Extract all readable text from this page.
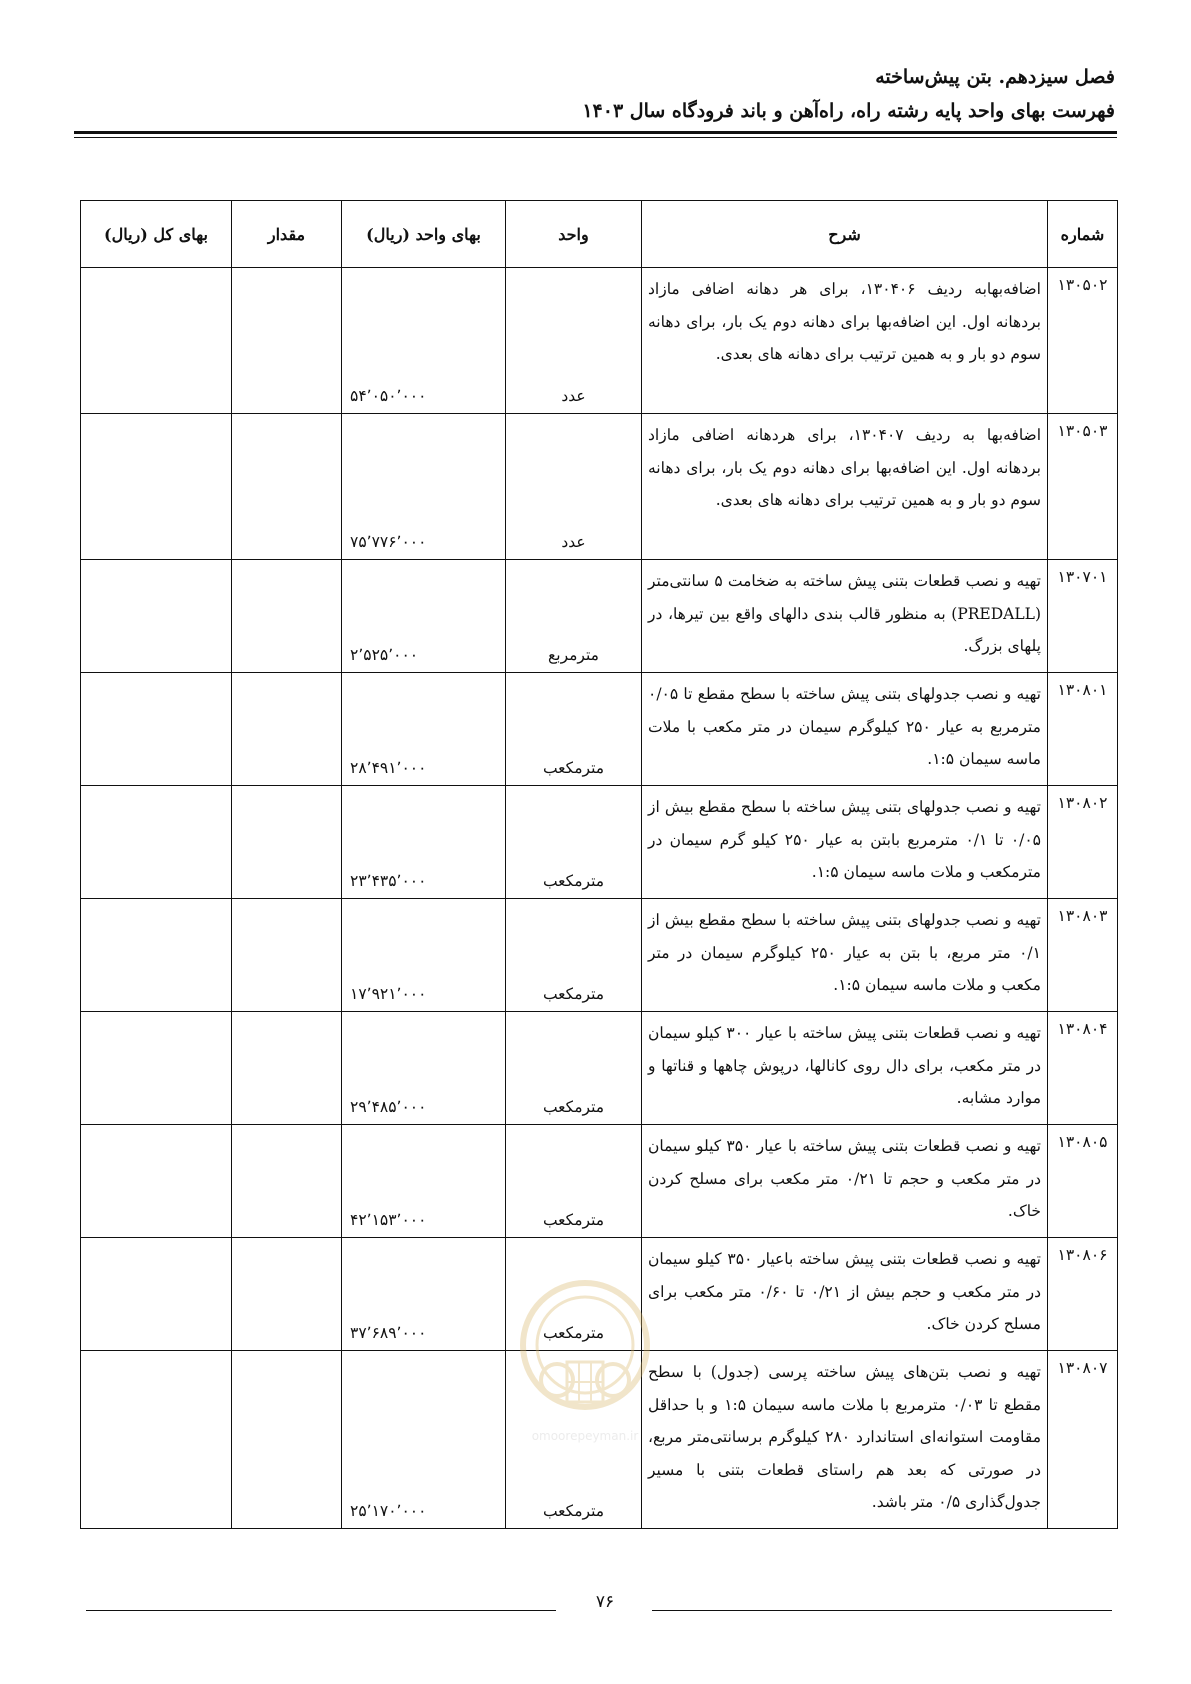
فصل سیزدهم. بتن پیش‌ساخته
فهرست بهای واحد پایه رشته راه، راه‌آهن و باند فرودگاه سال ۱۴۰۳
شماره	شرح	واحد	بهای واحد (ریال)	مقدار	بهای کل (ریال)
۱۳۰۵۰۲	اضافه‌بهابه ردیف ۱۳۰۴۰۶، برای هر دهانه اضافی مازاد بردهانه اول. این اضافه‌بها برای دهانه دوم یک بار، برای دهانه سوم دو بار و به همین ترتیب برای دهانه های بعدی.	عدد	۵۴٬۰۵۰٬۰۰۰		
۱۳۰۵۰۳	اضافه‌بها به ردیف ۱۳۰۴۰۷، برای هردهانه اضافی مازاد بردهانه اول. این اضافه‌بها برای دهانه دوم یک بار، برای دهانه سوم دو بار و به همین ترتیب برای دهانه های بعدی.	عدد	۷۵٬۷۷۶٬۰۰۰		
۱۳۰۷۰۱	تهیه و نصب قطعات بتنی پیش ساخته به ضخامت ۵ سانتی‌متر (PREDALL) به منظور قالب بندی دالهای واقع بین تیرها، در پلهای بزرگ.	مترمربع	۲٬۵۲۵٬۰۰۰		
۱۳۰۸۰۱	تهیه و نصب جدولهای بتنی پیش ساخته با سطح مقطع تا ۰/۰۵ مترمربع به عیار ۲۵۰ کیلوگرم سیمان در متر مکعب با ملات ماسه سیمان ۱:۵.	مترمکعب	۲۸٬۴۹۱٬۰۰۰		
۱۳۰۸۰۲	تهیه و نصب جدولهای بتنی پیش ساخته با سطح مقطع بیش از ۰/۰۵ تا ۰/۱ مترمربع بابتن به عیار ۲۵۰ کیلو گرم سیمان در مترمکعب و ملات ماسه سیمان ۱:۵.	مترمکعب	۲۳٬۴۳۵٬۰۰۰		
۱۳۰۸۰۳	تهیه و نصب جدولهای بتنی پیش ساخته با سطح مقطع بیش از ۰/۱ متر مربع، با بتن به عیار ۲۵۰ کیلوگرم سیمان در متر مکعب و ملات ماسه سیمان ۱:۵.	مترمکعب	۱۷٬۹۲۱٬۰۰۰		
۱۳۰۸۰۴	تهیه و نصب قطعات بتنی پیش ساخته با عیار ۳۰۰ کیلو سیمان در متر مکعب، برای دال روی کانالها، درپوش چاهها و قناتها و موارد مشابه.	مترمکعب	۲۹٬۴۸۵٬۰۰۰		
۱۳۰۸۰۵	تهیه و نصب قطعات بتنی پیش ساخته با عیار ۳۵۰ کیلو سیمان در متر مکعب و حجم تا ۰/۲۱ متر مکعب برای مسلح کردن خاک.	مترمکعب	۴۲٬۱۵۳٬۰۰۰		
۱۳۰۸۰۶	تهیه و نصب قطعات بتنی پیش ساخته باعیار ۳۵۰ کیلو سیمان در متر مکعب و حجم بیش از ۰/۲۱ تا ۰/۶۰ متر مکعب برای مسلح کردن خاک.	مترمکعب	۳۷٬۶۸۹٬۰۰۰		
۱۳۰۸۰۷	تهیه و نصب بتن‌های پیش ساخته پرسی (جدول) با سطح مقطع تا ۰/۰۳ مترمربع با ملات ماسه سیمان ۱:۵ و با حداقل مقاومت استوانه‌ای استاندارد ۲۸۰ کیلوگرم برسانتی‌متر مربع، در صورتی که بعد هم راستای قطعات بتنی با مسیر جدول‌گذاری ۰/۵ متر باشد.	مترمکعب	۲۵٬۱۷۰٬۰۰۰		
omoorepeyman.ir
۷۶
